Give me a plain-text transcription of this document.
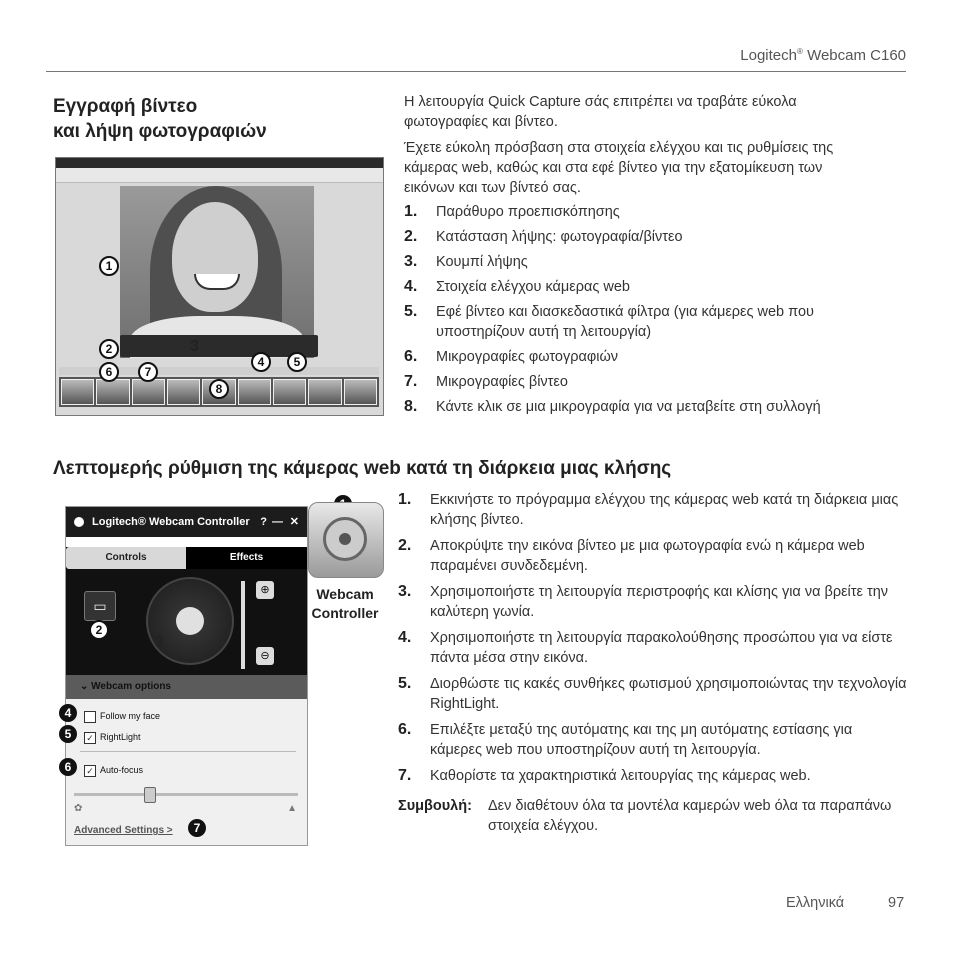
Logitech® Webcam C160
Εγγραφή βίντεο
και λήψη φωτογραφιών
1
2	3
4	5
6	7
8

Η λειτουργία Quick Capture σάς επιτρέπει να τραβάτε εύκολα φωτογραφίες και βίντεο.

Έχετε εύκολη πρόσβαση στα στοιχεία ελέγχου και τις ρυθμίσεις της κάμερας web, καθώς και στα εφέ βίντεο για την εξατομίκευση των εικόνων και των βίντεό σας.

1. Παράθυρο προεπισκόπησης
2. Κατάσταση λήψης: φωτογραφία/βίντεο
3. Κουμπί λήψης
4. Στοιχεία ελέγχου κάμερας web
5. Εφέ βίντεο και διασκεδαστικά φίλτρα (για κάμερες web που υποστηρίζουν αυτή τη λειτουργία)
6. Μικρογραφίες φωτογραφιών
7. Μικρογραφίες βίντεο
8. Κάντε κλικ σε μια μικρογραφία για να μεταβείτε στη συλλογή
Λεπτομερής ρύθμιση της κάμερας web κατά τη διάρκεια μιας κλήσης
Logitech® Webcam Controller ? — ✕
Controls	Effects
▭
⊕
⊖
⌄ Webcam options
Follow my face
✓ RightLight
✓ Auto-focus
✿	▲
Advanced Settings >
2
3
4
5
6
7
Webcam
Controller
1. Εκκινήστε το πρόγραμμα ελέγχου της κάμερας web κατά τη διάρκεια μιας κλήσης βίντεο.
2. Αποκρύψτε την εικόνα βίντεο με μια φωτογραφία ενώ η κάμερα web παραμένει συνδεδεμένη.
3. Χρησιμοποιήστε τη λειτουργία περιστροφής και κλίσης για να βρείτε την καλύτερη γωνία.
4. Χρησιμοποιήστε τη λειτουργία παρακολούθησης προσώπου για να είστε πάντα μέσα στην εικόνα.
5. Διορθώστε τις κακές συνθήκες φωτισμού χρησιμοποιώντας την τεχνολογία RightLight.
6. Επιλέξτε μεταξύ της αυτόματης και της μη αυτόματης εστίασης για κάμερες web που υποστηρίζουν αυτή τη λειτουργία.
7. Καθορίστε τα χαρακτηριστικά λειτουργίας της κάμερας web.
Συμβουλή: Δεν διαθέτουν όλα τα μοντέλα καμερών web όλα τα παραπάνω στοιχεία ελέγχου.
Ελληνικά	97
